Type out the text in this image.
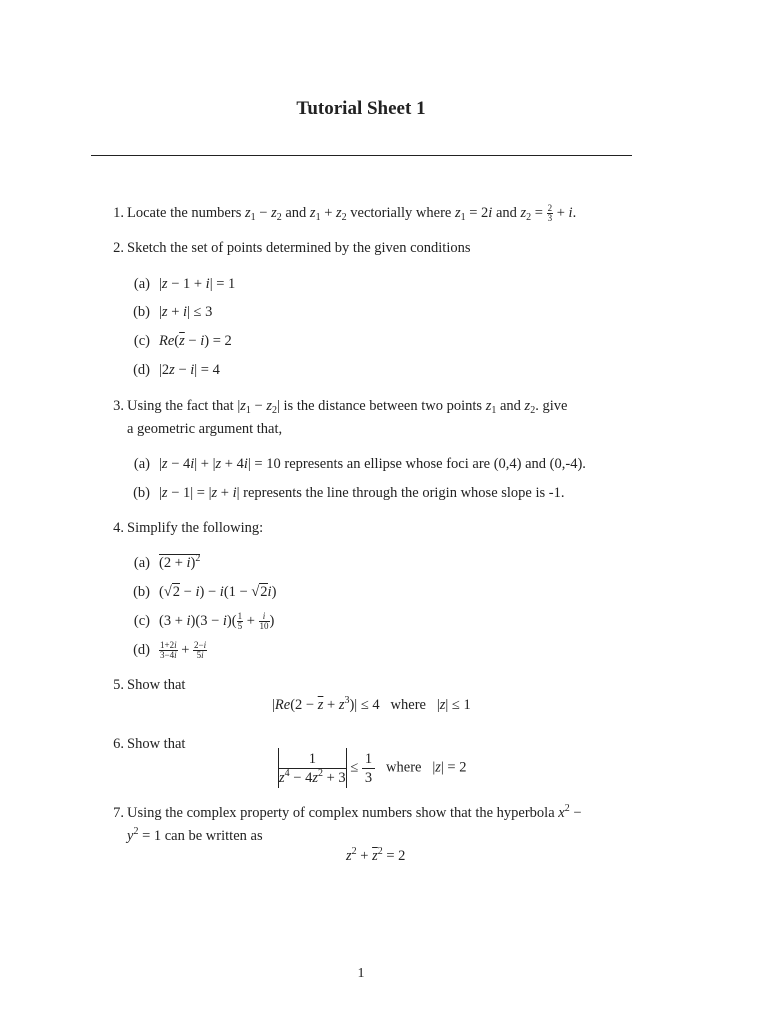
Tutorial Sheet 1
1. Locate the numbers $z_1 - z_2$ and $z_1 + z_2$ vectorially where $z_1 = 2i$ and $z_2 = \frac{2}{3} + i$.
2. Sketch the set of points determined by the given conditions
(a) |z − 1 + i| = 1
(b) |z + i| ≤ 3
(c) $Re(\overline{z} - i) = 2$
(d) |2z − i| = 4
3. Using the fact that $|z_1 - z_2|$ is the distance between two points $z_1$ and $z_2$. give
a geometric argument that,
(a) |z − 4i| + |z + 4i| = 10 represents an ellipse whose foci are (0,4) and (0,-4).
(b) |z − 1| = |z + i| represents the line through the origin whose slope is -1.
4. Simplify the following:
(a) $(2 + i)^2$
(b) (√2 − i) − i(1 − √2i)
(c) $(3 + i)(3 - i)( \frac{1}{5} + \frac{i}{10}$ )
$(d) \frac{1+2i}{3-4i} + \frac{2-i}{5i}$
5. Show that
$|Re(2 - \overline{z} + z^3)| \le 4$   where   |z| ≤ 1
6. Show that
$\frac{1}{z^4 - 4z^2 + 3} \le \frac{1}{3}$ where   |z| = 2
7. Using the complex property of complex numbers show that the hyperbola $x^2$ −
$y^2 = 1$ can be written as
$z^2 + \overline{z}^2 = 2$
1
